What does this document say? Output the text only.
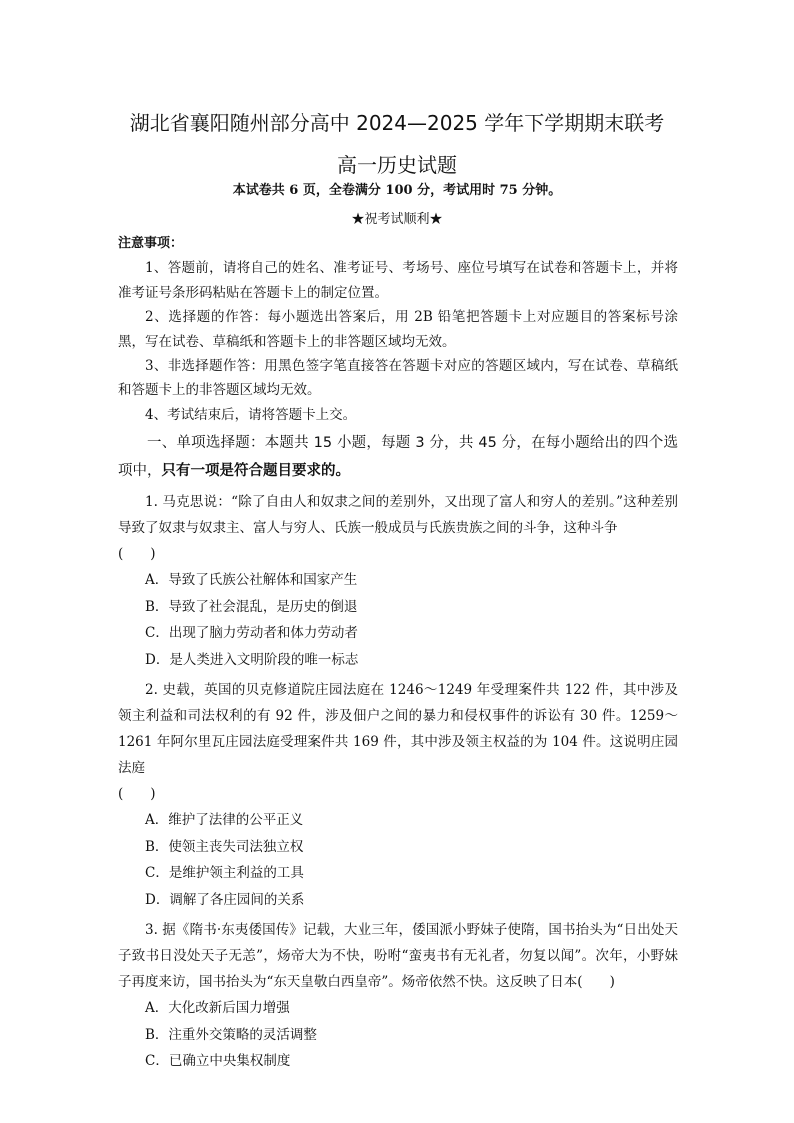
湖北省襄阳随州部分高中 2024—2025 学年下学期期末联考
高一历史试题
本试卷共 6 页，全卷满分 100 分，考试用时 75 分钟。
★祝考试顺利★

注意事项：

1、答题前，请将自己的姓名、准考证号、考场号、座位号填写在试卷和答题卡上，并将准考证号条形码粘贴在答题卡上的制定位置。

2、选择题的作答：每小题选出答案后，用 2B 铅笔把答题卡上对应题目的答案标号涂黑，写在试卷、草稿纸和答题卡上的非答题区域均无效。

3、非选择题作答：用黑色签字笔直接答在答题卡对应的答题区域内，写在试卷、草稿纸和答题卡上的非答题区域均无效。

4、考试结束后，请将答题卡上交。

一、单项选择题：本题共 15 小题，每题 3 分，共 45 分，在每小题给出的四个选项中，只有一项是符合题目要求的。

1. 马克思说：“除了自由人和奴隶之间的差别外，又出现了富人和穷人的差别。”这种差别导致了奴隶与奴隶主、富人与穷人、氏族一般成员与氏族贵族之间的斗争，这种斗争

(　　)

A．导致了氏族公社解体和国家产生

B．导致了社会混乱，是历史的倒退

C．出现了脑力劳动者和体力劳动者

D．是人类进入文明阶段的唯一标志

2. 史载，英国的贝克修道院庄园法庭在 1246～1249 年受理案件共 122 件，其中涉及领主利益和司法权利的有 92 件，涉及佃户之间的暴力和侵权事件的诉讼有 30 件。1259～1261 年阿尔里瓦庄园法庭受理案件共 169 件，其中涉及领主权益的为 104 件。这说明庄园法庭

(　　)

A．维护了法律的公平正义

B．使领主丧失司法独立权

C．是维护领主利益的工具

D．调解了各庄园间的关系

3. 据《隋书·东夷倭国传》记载，大业三年，倭国派小野妹子使隋，国书抬头为“日出处天子致书日没处天子无恙”，炀帝大为不快，吩咐“蛮夷书有无礼者，勿复以闻”。次年，小野妹子再度来访，国书抬头为“东天皇敬白西皇帝”。炀帝依然不快。这反映了日本(　　)

A．大化改新后国力增强

B．注重外交策略的灵活调整

C．已确立中央集权制度
